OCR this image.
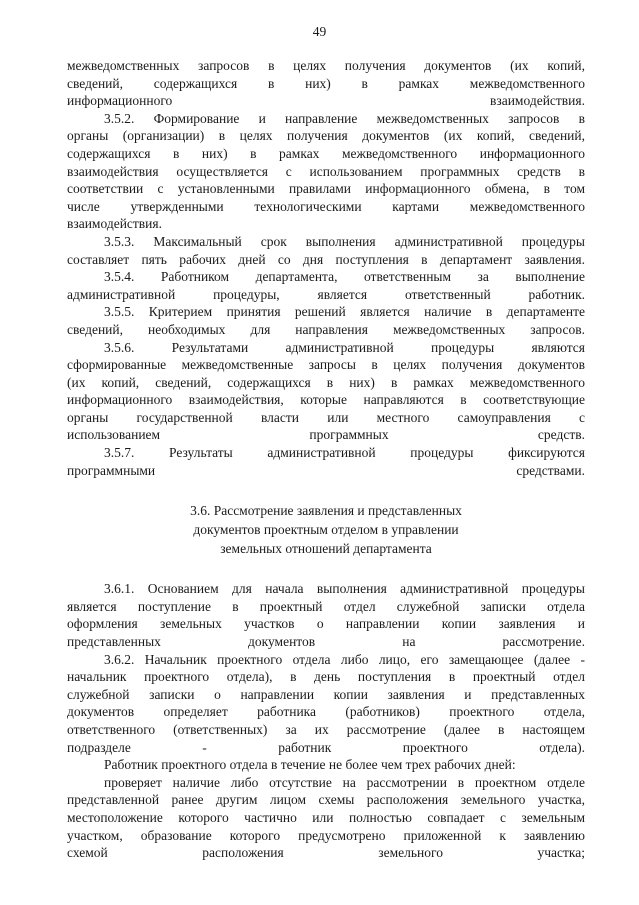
49

межведомственных запросов в целях получения документов (их копий,
сведений, содержащихся в них) в рамках межведомственного
информационного взаимодействия.

3.5.2. Формирование и направление межведомственных запросов в
органы (организации) в целях получения документов (их копий, сведений,
содержащихся в них) в рамках межведомственного информационного
взаимодействия осуществляется с использованием программных средств в
соответствии с установленными правилами информационного обмена, в том
числе утвержденными технологическими картами межведомственного
взаимодействия.

3.5.3. Максимальный срок выполнения административной процедуры
составляет пять рабочих дней со дня поступления в департамент заявления.

3.5.4. Работником департамента, ответственным за выполнение
административной процедуры, является ответственный работник.

3.5.5. Критерием принятия решений является наличие в департаменте
сведений, необходимых для направления межведомственных запросов.

3.5.6. Результатами административной процедуры являются
сформированные межведомственные запросы в целях получения документов
(их копий, сведений, содержащихся в них) в рамках межведомственного
информационного взаимодействия, которые направляются в соответствующие
органы государственной власти или местного самоуправления с
использованием программных средств.

3.5.7. Результаты административной процедуры фиксируются
программными средствами.

3.6. Рассмотрение заявления и представленных
документов проектным отделом в управлении
земельных отношений департамента

3.6.1. Основанием для начала выполнения административной процедуры
является поступление в проектный отдел служебной записки отдела
оформления земельных участков о направлении копии заявления и
представленных документов на рассмотрение.

3.6.2. Начальник проектного отдела либо лицо, его замещающее (далее -
начальник проектного отдела), в день поступления в проектный отдел
служебной записки о направлении копии заявления и представленных
документов определяет работника (работников) проектного отдела,
ответственного (ответственных) за их рассмотрение (далее в настоящем
подразделе - работник проектного отдела).

Работник проектного отдела в течение не более чем трех рабочих дней:

проверяет наличие либо отсутствие на рассмотрении в проектном отделе
представленной ранее другим лицом схемы расположения земельного участка,
местоположение которого частично или полностью совпадает с земельным
участком, образование которого предусмотрено приложенной к заявлению
схемой расположения земельного участка;
